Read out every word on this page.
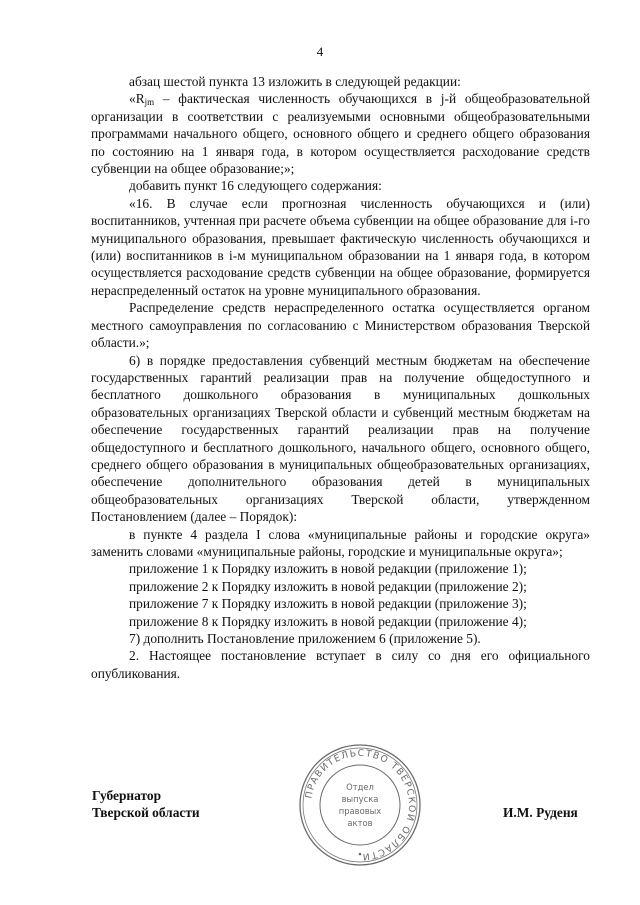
4

абзац шестой пункта 13 изложить в следующей редакции:

«$R_{jm}$ – фактическая численность обучающихся в j-й общеобразовательной организации в соответствии с реализуемыми основными общеобразовательными программами начального общего, основного общего и среднего общего образования по состоянию на 1 января года, в котором осуществляется расходование средств субвенции на общее образование;»;

добавить пункт 16 следующего содержания:

«16. В случае если прогнозная численность обучающихся и (или) воспитанников, учтенная при расчете объема субвенции на общее образование для i-го муниципального образования, превышает фактическую численность обучающихся и (или) воспитанников в i-м муниципальном образовании на 1 января года, в котором осуществляется расходование средств субвенции на общее образование, формируется нераспределенный остаток на уровне муниципального образования.

Распределение средств нераспределенного остатка осуществляется органом местного самоуправления по согласованию с Министерством образования Тверской области.»;

6) в порядке предоставления субвенций местным бюджетам на обеспечение государственных гарантий реализации прав на получение общедоступного и бесплатного дошкольного образования в муниципальных дошкольных образовательных организациях Тверской области и субвенций местным бюджетам на обеспечение государственных гарантий реализации прав на получение общедоступного и бесплатного дошкольного, начального общего, основного общего, среднего общего образования в муниципальных общеобразовательных организациях, обеспечение дополнительного образования детей в муниципальных общеобразовательных организациях Тверской области, утвержденном Постановлением (далее – Порядок):

в пункте 4 раздела I слова «муниципальные районы и городские округа» заменить словами «муниципальные районы, городские и муниципальные округа»;

приложение 1 к Порядку изложить в новой редакции (приложение 1);

приложение 2 к Порядку изложить в новой редакции (приложение 2);

приложение 7 к Порядку изложить в новой редакции (приложение 3);

приложение 8 к Порядку изложить в новой редакции (приложение 4);

7) дополнить Постановление приложением 6 (приложение 5).

2. Настоящее постановление вступает в силу со дня его официального опубликования.

Губернатор
Тверской области	И.М. Руденя
ПРАВИТЕЛЬСТВО ТВЕРСКОЙ ОБЛАСТИ
Отдел
выпуска
правовых
актов
